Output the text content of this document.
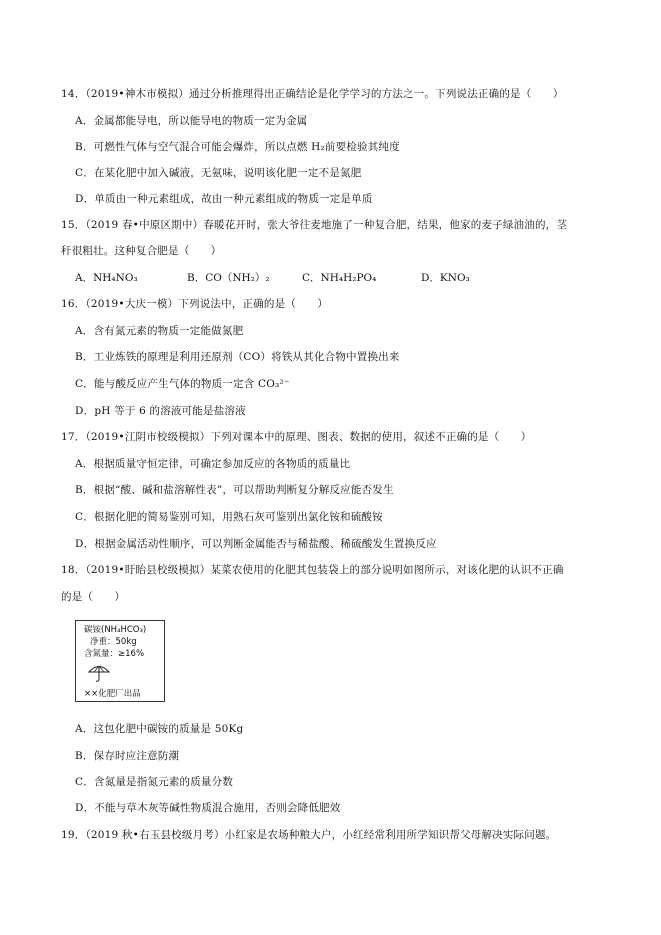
14．（2019•神木市模拟）通过分析推理得出正确结论是化学学习的方法之一。下列说法正确的是（　　）
A．金属都能导电，所以能导电的物质一定为金属
B．可燃性气体与空气混合可能会爆炸，所以点燃 H₂前要检验其纯度
C．在某化肥中加入碱液，无氨味，说明该化肥一定不是氮肥
D．单质由一种元素组成，故由一种元素组成的物质一定是单质
15．（2019 春•中原区期中）春暖花开时，张大爷往麦地施了一种复合肥，结果，他家的麦子绿油油的，茎
秆很粗壮。这种复合肥是（　　）
A．NH₄NO₃	B．CO（NH₂）₂	C．NH₄H₂PO₄	D．KNO₃
16．（2019•大庆一模）下列说法中，正确的是（　　）
A．含有氮元素的物质一定能做氮肥
B．工业炼铁的原理是利用还原剂（CO）将铁从其化合物中置换出来
C．能与酸反应产生气体的物质一定含 CO₃²⁻
D．pH 等于 6 的溶液可能是盐溶液
17．（2019•江阴市校级模拟）下列对课本中的原理、图表、数据的使用，叙述不正确的是（　　）
A．根据质量守恒定律，可确定参加反应的各物质的质量比
B．根据“酸、碱和盐溶解性表”，可以帮助判断复分解反应能否发生
C．根据化肥的简易鉴别可知，用熟石灰可鉴别出氯化铵和硫酸铵
D．根据金属活动性顺序，可以判断金属能否与稀盐酸、稀硫酸发生置换反应
18．（2019•盱眙县校级模拟）某菜农使用的化肥其包装袋上的部分说明如图所示，对该化肥的认识不正确
的是（　　）
碳铵(NH₄HCO₃)
净重：50kg
含氮量：≥16%
××化肥厂出品
A．这包化肥中碳铵的质量是 50Kg
B．保存时应注意防潮
C．含氮量是指氮元素的质量分数
D．不能与草木灰等碱性物质混合施用，否则会降低肥效
19．（2019 秋•右玉县校级月考）小红家是农场种粮大户，小红经常利用所学知识帮父母解决实际问题。
